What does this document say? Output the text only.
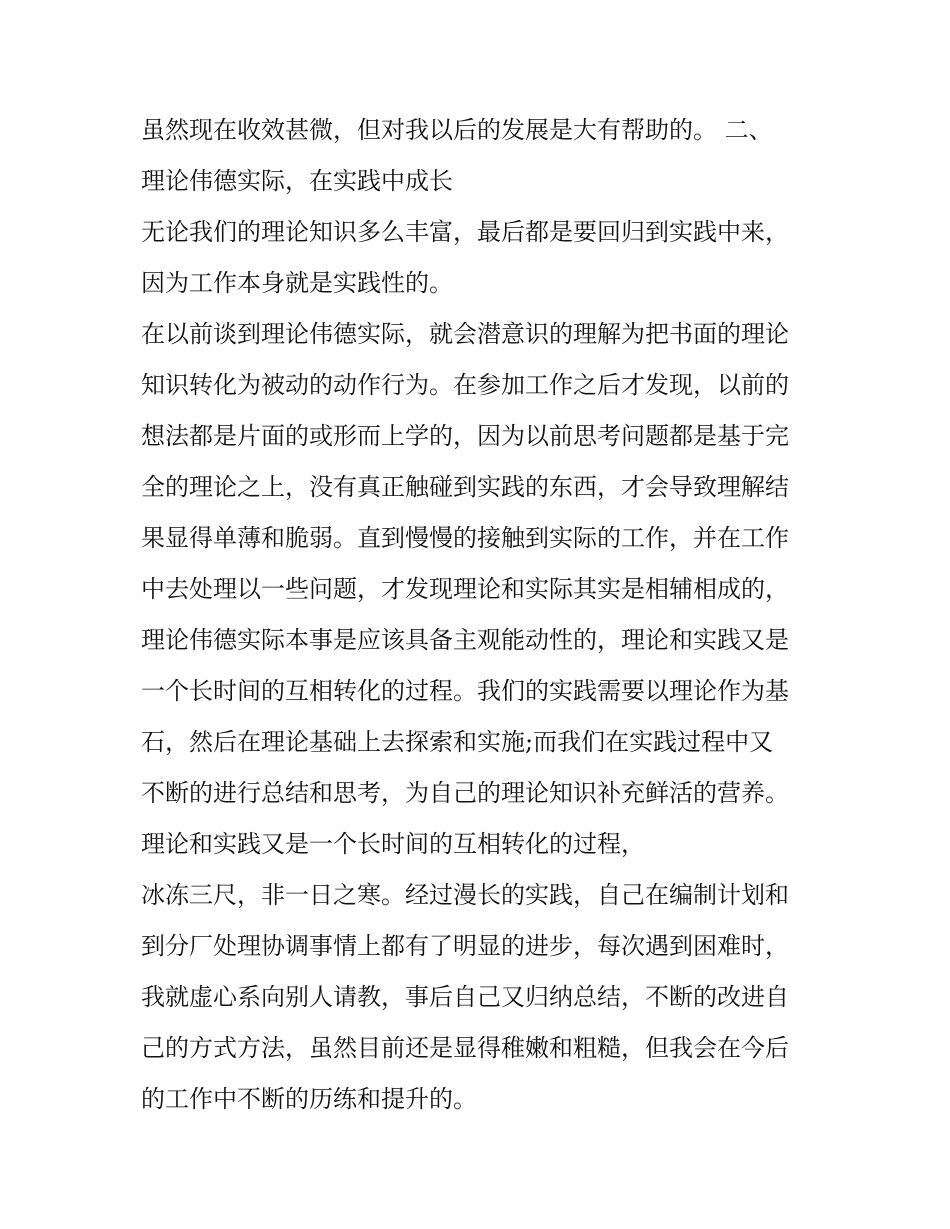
虽然现在收效甚微，但对我以后的发展是大有帮助的。 二、
理论伟德实际，在实践中成长
无论我们的理论知识多么丰富，最后都是要回归到实践中来，
因为工作本身就是实践性的。
在以前谈到理论伟德实际，就会潜意识的理解为把书面的理论
知识转化为被动的动作行为。在参加工作之后才发现，以前的
想法都是片面的或形而上学的，因为以前思考问题都是基于完
全的理论之上，没有真正触碰到实践的东西，才会导致理解结
果显得单薄和脆弱。直到慢慢的接触到实际的工作，并在工作
中去处理以一些问题，才发现理论和实际其实是相辅相成的，
理论伟德实际本事是应该具备主观能动性的，理论和实践又是
一个长时间的互相转化的过程。我们的实践需要以理论作为基
石，然后在理论基础上去探索和实施;而我们在实践过程中又
不断的进行总结和思考，为自己的理论知识补充鲜活的营养。
理论和实践又是一个长时间的互相转化的过程，
冰冻三尺，非一日之寒。经过漫长的实践，自己在编制计划和
到分厂处理协调事情上都有了明显的进步，每次遇到困难时，
我就虚心系向别人请教，事后自己又归纳总结，不断的改进自
己的方式方法，虽然目前还是显得稚嫩和粗糙，但我会在今后
的工作中不断的历练和提升的。
